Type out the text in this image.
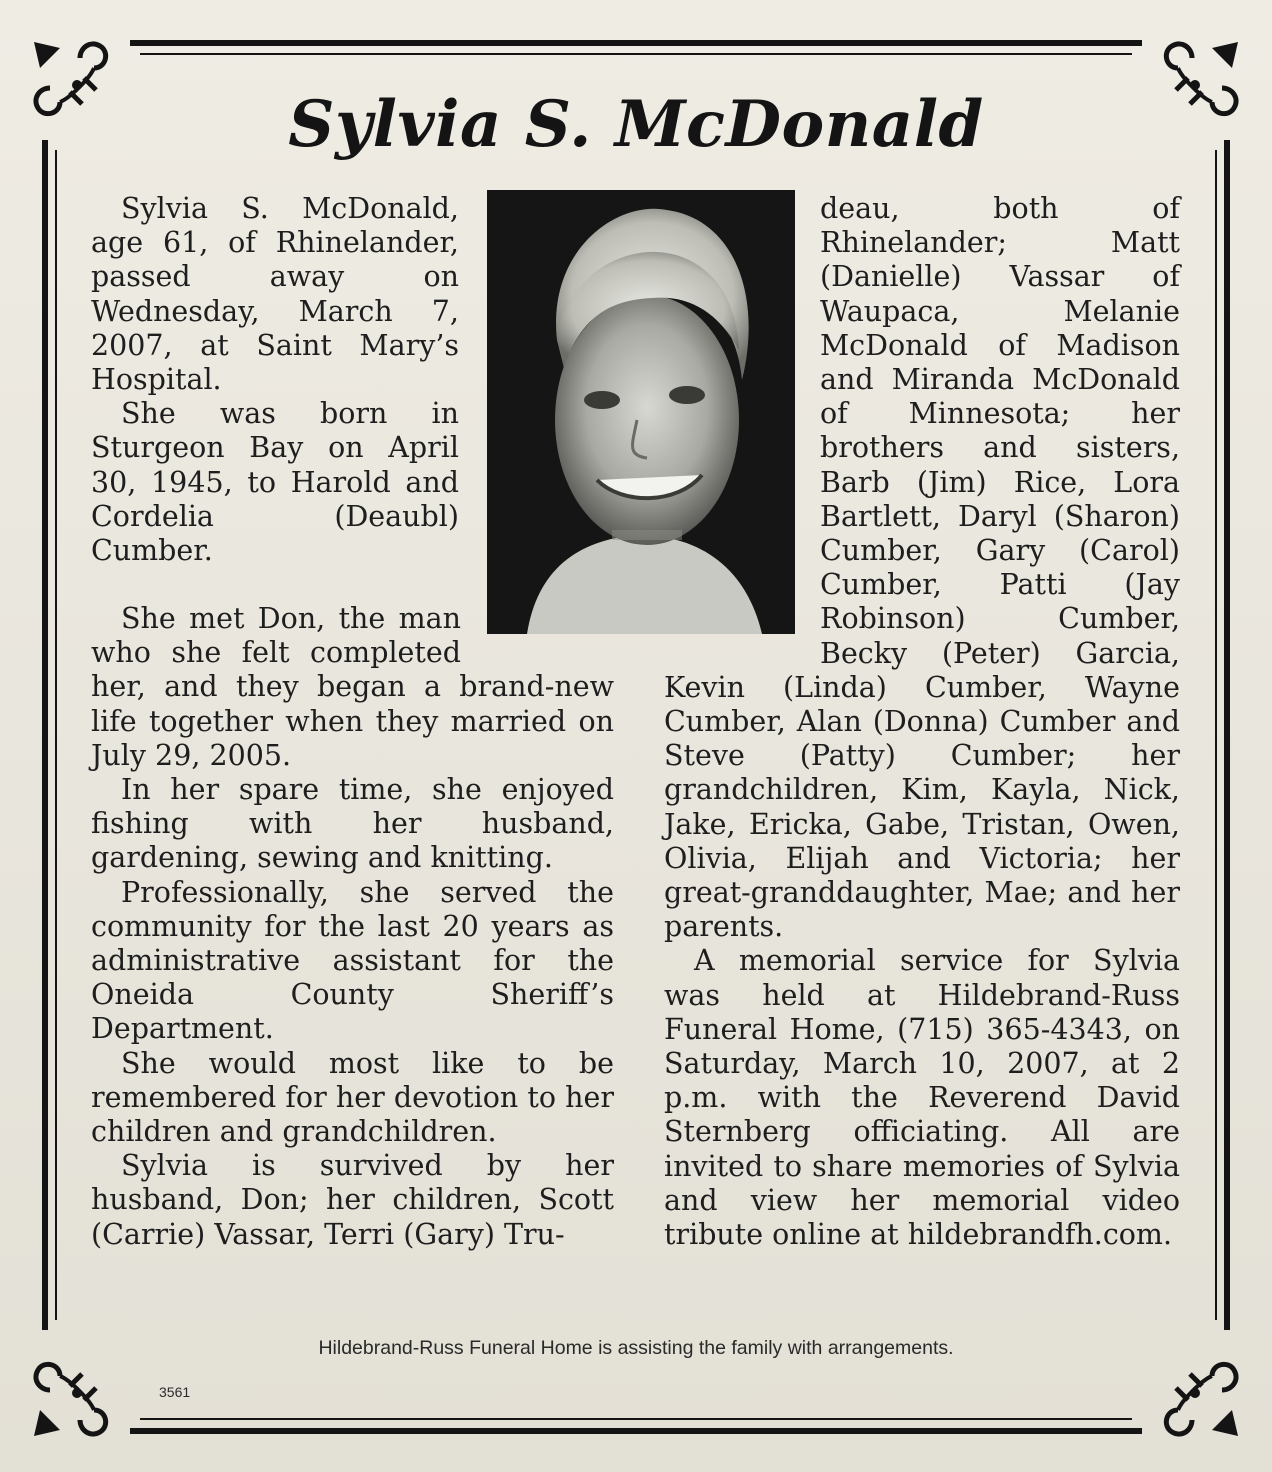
Sylvia S. McDonald

Sylvia S. McDonald, age 61, of Rhinelander, passed away on Wednesday, March 7, 2007, at Saint Mary’s Hospital.

She was born in Sturgeon Bay on April 30, 1945, to Harold and Cordelia (Deaubl) Cumber.

She met Don, the man who she felt completed her, and they began a brand-new life together when they married on July 29, 2005.

In her spare time, she enjoyed fishing with her husband, gardening, sewing and knitting.

Professionally, she served the community for the last 20 years as administrative assistant for the Oneida County Sheriff’s Department.

She would most like to be remembered for her devotion to her children and grandchildren.

Sylvia is survived by her husband, Don; her children, Scott (Carrie) Vassar, Terri (Gary) Tru-

deau, both of Rhinelander; Matt (Danielle) Vassar of Waupaca, Melanie McDonald of Madison and Miranda McDonald of Minnesota; her brothers and sisters, Barb (Jim) Rice, Lora Bartlett, Daryl (Sharon) Cumber, Gary (Carol) Cumber, Patti (Jay Robinson) Cumber, Becky (Peter) Garcia, Kevin (Linda) Cumber, Wayne Cumber, Alan (Donna) Cumber and Steve (Patty) Cumber; her grandchildren, Kim, Kayla, Nick, Jake, Ericka, Gabe, Tristan, Owen, Olivia, Elijah and Victoria; her great-granddaughter, Mae; and her parents.

A memorial service for Sylvia was held at Hildebrand-Russ Funeral Home, (715) 365-4343, on Saturday, March 10, 2007, at 2 p.m. with the Reverend David Sternberg officiating. All are invited to share memories of Sylvia and view her memorial video tribute online at hildebrandfh.com.

Hildebrand-Russ Funeral Home is assisting the family with arrangements.
3561
